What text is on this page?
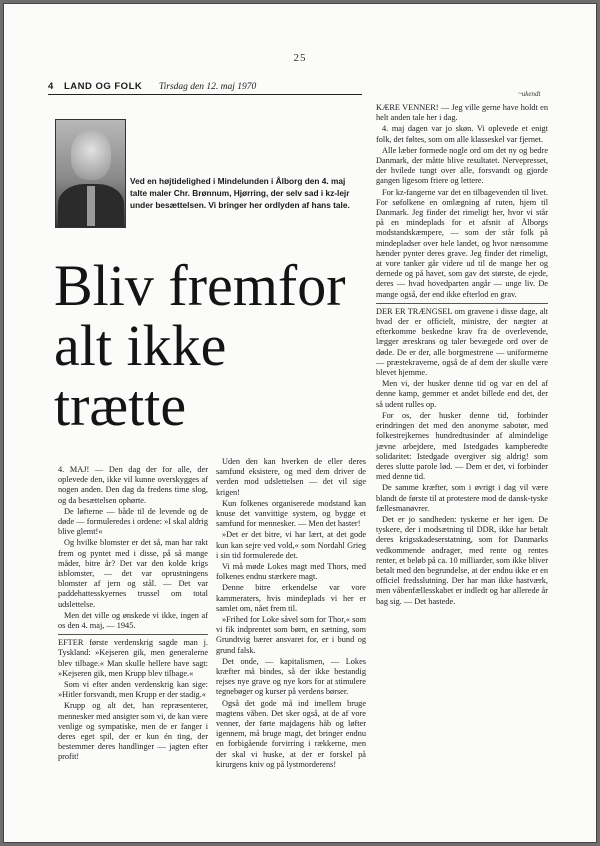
25
4 LAND OG FOLK Tirsdag den 12. maj 1970
~ukendt
Ved en højtidelighed i Mindelunden i Ålborg den 4. maj talte maler Chr. Brønnum, Hjørring, der selv sad i kz-lejr under besættelsen. Vi bringer her ordlyden af hans tale.
Bliv fremfor alt ikke trætte

4. MAJ! — Den dag der for alle, der oplevede den, ikke vil kunne overskygges af nogen anden. Den dag da fredens time slog, og da besættelsen ophørte.

De løfterne — både til de levende og de døde — formuleredes i ordene: »I skal aldrig blive glemt!«

Og hvilke blomster er det så, man har rakt frem og pyntet med i disse, på så mange måder, bitre år? Det var den kolde krigs isblomster, — det var oprustningens blomster af jern og stål. — Det var paddehattesskyernes trussel om total udslettelse.

Men det ville og ønskede vi ikke, ingen af os den 4. maj, — 1945.

EFTER første verdenskrig sagde man j. Tyskland: »Kejseren gik, men generalerne blev tilbage.« Man skulle hellere have sagt: »Kejseren gik, men Krupp blev tilbage.«

Som vi efter anden verdenskrig kan sige: »Hitler forsvandt, men Krupp er der stadig.«

Krupp og alt det, han repræsenterer, mennesker med ansigter som vi, de kan være venlige og sympatiske, men de er fanger i deres eget spil, der er kun én ting, der bestemmer deres handlinger — jagten efter profit!

Uden den kan hverken de eller deres samfund eksistere, og med dem driver de verden mod udslettelsen — det vil sige krigen!

Kun folkenes organiserede modstand kan knuse det vanvittige system, og bygge et samfund for mennesker. — Men det haster!

»Det er det bitre, vi har lært, at det gode kun kan sejre ved vold,« som Nordahl Grieg i sin tid formulerede det.

Vi må møde Lokes magt med Thors, med folkenes endnu stærkere magt.

Denne bitre erkendelse var vore kammeraters, hvis mindeplads vi her er samlet om, nået frem til.

»Frihed for Loke såvel som for Thor,« som vi fik indprentet som børn, en sætning, som Grundtvig bærer ansvaret for, er i bund og grund falsk.

Det onde, — kapitalismen, — Lokes kræfter må bindes, så der ikke bestandig rejses nye grave og nye kors for at stimulere tegnebøger og kurser på verdens børser.

Også det gode må ind imellem bruge magtens våben. Det sker også, at de af vore venner, der førte majdagens håb og løfter igennem, må bruge magt, det bringer endnu en forbigående forvirring i rækkerne, men der skal vi huske, at der er forskel på kirurgens kniv og på lystmorderens!

KÆRE VENNER! — Jeg ville gerne have holdt en helt anden tale her i dag.

4. maj dagen var jo skøn. Vi oplevede et enigt folk, det føltes, som om alle klasseskel var fjernet.

Alle læber formede nogle ord om det ny og bedre Danmark, der måtte blive resultatet. Nervepresset, der hvilede tungt over alle, forsvandt og gjorde gangen ligesom friere og lettere.

For kz-fangerne var det en tilbagevenden til livet. For søfolkene en omlægning af ruten, hjem til Danmark. Jeg finder det rimeligt her, hvor vi står på en mindeplads for et afsnit af Ålborgs modstandskæmpere, — som der står folk på mindepladser over hele landet, og hvor nænsomme hænder pynter deres grave. Jeg finder det rimeligt, at vore tanker går videre ud til de mange her og dernede og på havet, som gav det største, de ejede, deres — hvad hovedparten angår — unge liv. De mange også, der end ikke efterlod en grav.

DER ER TRÆNGSEL om gravene i disse dage, alt hvad der er officielt, ministre, der nægter at efterkomme beskedne krav fra de overlevende, lægger æreskrans og taler bevægede ord over de døde. De er der, alle borgmestrene — uniformerne — præstekraverne, også de af dem der skulle være blevet hjemme.

Men vi, der husker denne tid og var en del af denne kamp, gemmer et andet billede end det, der så udent rulles op.

For os, der husker denne tid, forbinder erindringen det med den anonyme sabotør, med folkestrejkernes hundredtusinder af almindelige jævne arbejdere, med Istedgades kampberedte solidaritet: Istedgade overgiver sig aldrig! som deres slutte parole lød. — Dem er det, vi forbinder med denne tid.

De samme kræfter, som i øvrigt i dag vil være blandt de første til at protestere mod de dansk-tyske fællesmanøvrer.

Det er jo sandheden: tyskerne er her igen. De tyskere, der i modsætning til DDR, ikke har betalt deres krigsskadeserstatning, som for Danmarks vedkommende andrager, med rente og rentes renter, et beløb på ca. 10 milliarder, som ikke bliver betalt med den begrundelse, at der endnu ikke er en officiel fredsslutning. Der har man ikke hastværk, men våbenfællesskabet er indledt og har allerede år bag sig. — Det hastede.
